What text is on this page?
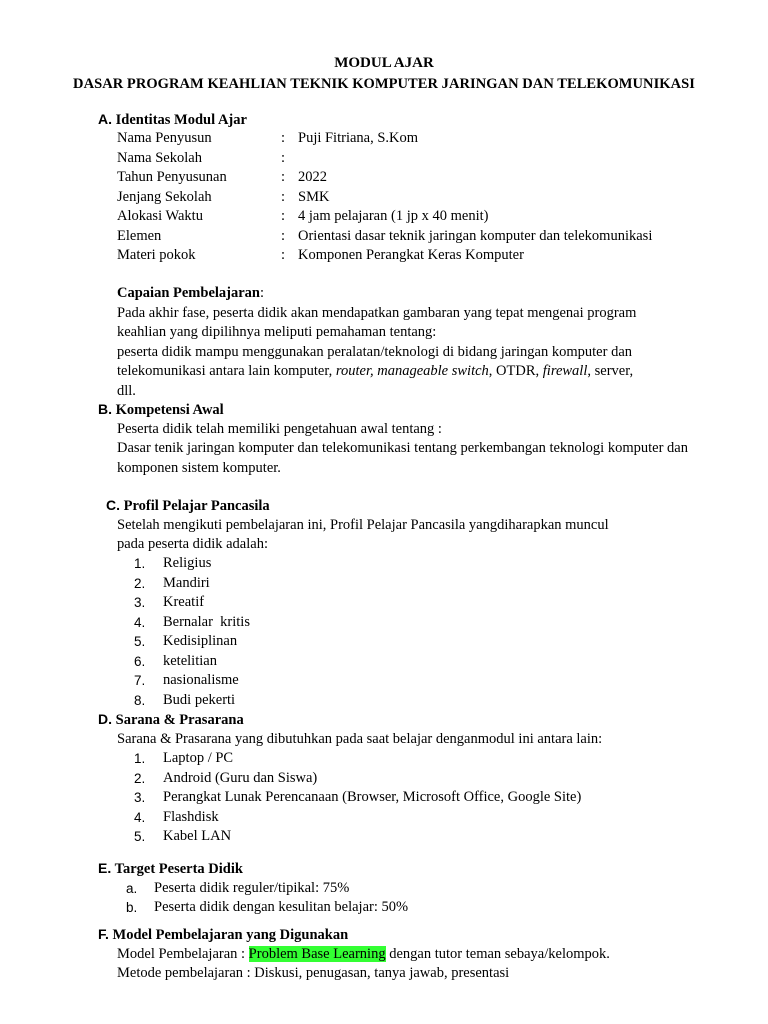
MODUL AJAR
DASAR PROGRAM KEAHLIAN TEKNIK KOMPUTER JARINGAN DAN TELEKOMUNIKASI
A. Identitas Modul Ajar
Nama Penyusun	: Puji Fitriana, S.Kom
Nama Sekolah	:
Tahun Penyusunan	: 2022
Jenjang Sekolah	: SMK
Alokasi Waktu	: 4 jam pelajaran (1 jp x 40 menit)
Elemen	: Orientasi dasar teknik jaringan komputer dan telekomunikasi
Materi pokok	: Komponen Perangkat Keras Komputer
Capaian Pembelajaran:
Pada akhir fase, peserta didik akan mendapatkan gambaran yang tepat mengenai program
keahlian yang dipilihnya meliputi pemahaman tentang:
peserta didik mampu menggunakan peralatan/teknologi di bidang jaringan komputer dan
telekomunikasi antara lain komputer, router, manageable switch, OTDR, firewall, server,
dll.
B. Kompetensi Awal
Peserta didik telah memiliki pengetahuan awal tentang :
Dasar tenik jaringan komputer dan telekomunikasi tentang perkembangan teknologi komputer dan
komponen sistem komputer.
C. Profil Pelajar Pancasila
Setelah mengikuti pembelajaran ini, Profil Pelajar Pancasila yangdiharapkan muncul
pada peserta didik adalah:
1. Religius
2. Mandiri
3. Kreatif
4. Bernalar  kritis
5. Kedisiplinan
6. ketelitian
7. nasionalisme
8. Budi pekerti
D. Sarana & Prasarana
Sarana & Prasarana yang dibutuhkan pada saat belajar denganmodul ini antara lain:
1. Laptop / PC
2. Android (Guru dan Siswa)
3. Perangkat Lunak Perencanaan (Browser, Microsoft Office, Google Site)
4. Flashdisk
5. Kabel LAN
E. Target Peserta Didik
a. Peserta didik reguler/tipikal: 75%
b. Peserta didik dengan kesulitan belajar: 50%
F. Model Pembelajaran yang Digunakan
Model Pembelajaran : Problem Base Learning dengan tutor teman sebaya/kelompok.
Metode pembelajaran : Diskusi, penugasan, tanya jawab, presentasi
